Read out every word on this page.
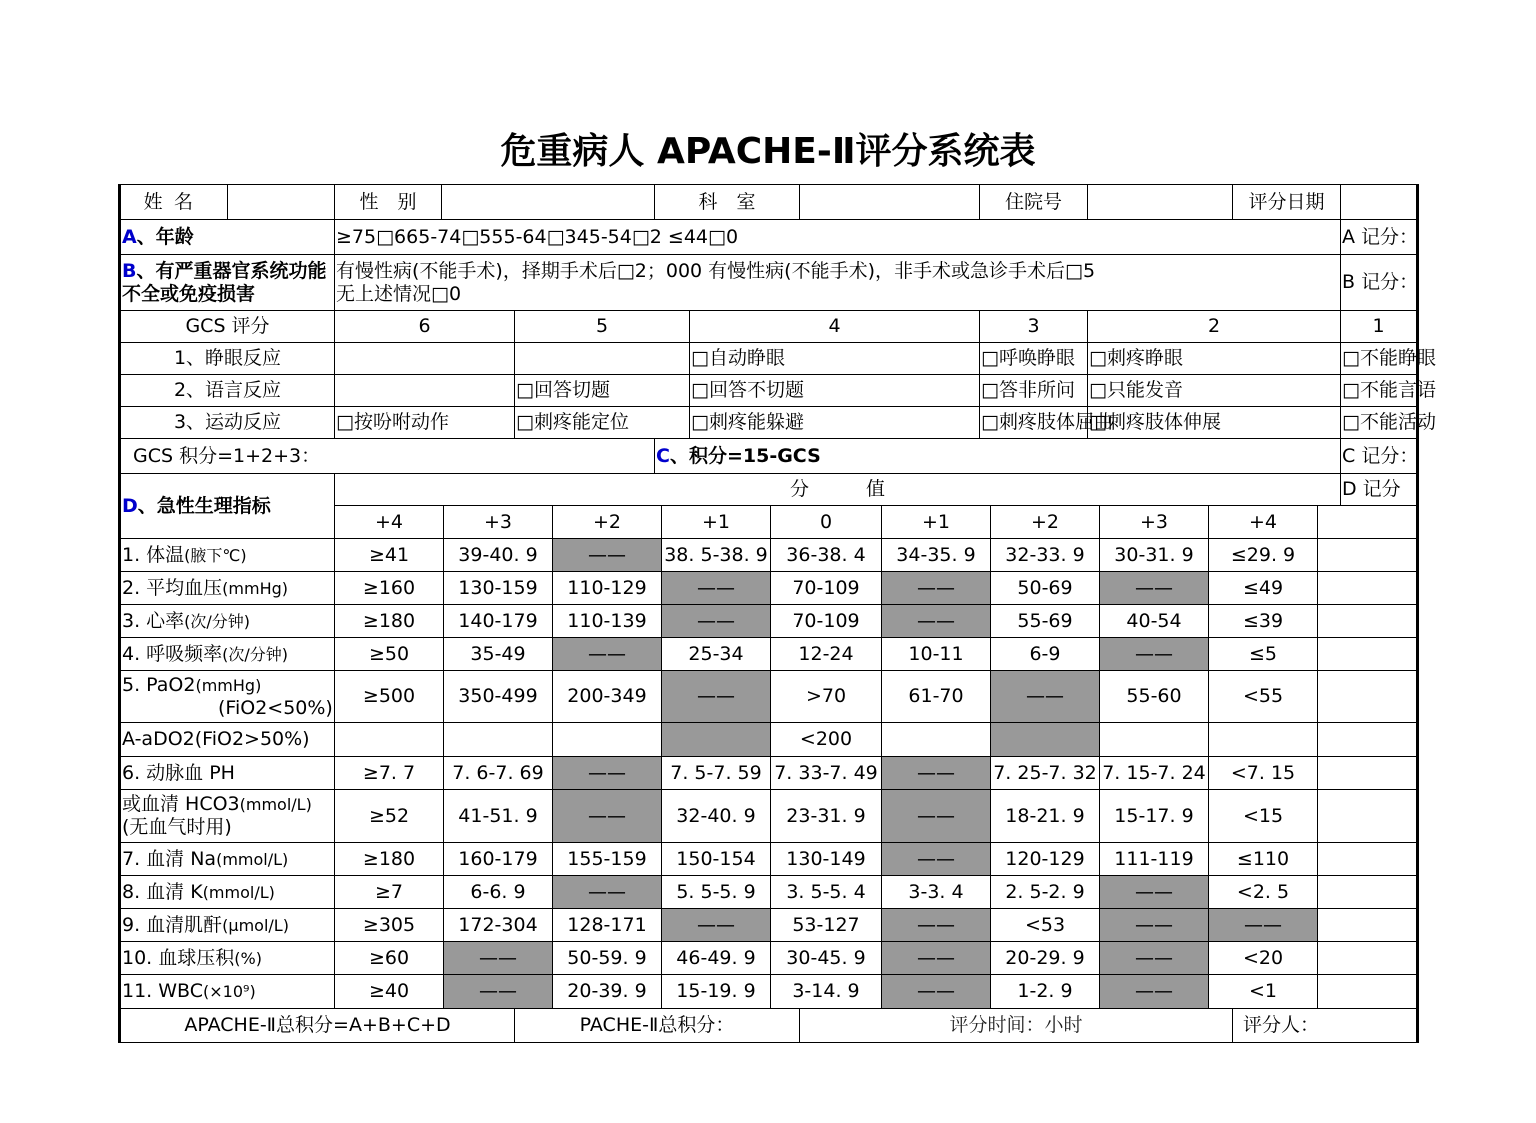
危重病人 APACHE-Ⅱ评分系统表
姓名		性　别		科　室		住院号		评分日期	
A、年龄	≥75□665-74□555-64□345-54□2 ≤44□0	A 记分：
B、有严重器官系统功能不全或免疫损害	有慢性病(不能手术)，择期手术后□2；000 有慢性病(不能手术)，非手术或急诊手术后□5
无上述情况□0	B 记分：
GCS 评分	6	5	4	3	2	1
1、睁眼反应			□自动睁眼	□呼唤睁眼	□刺疼睁眼	□不能睁眼
2、语言反应		□回答切题	□回答不切题	□答非所问	□只能发音	□不能言语
3、运动反应	□按吩咐动作	□刺疼能定位	□刺疼能躲避	□刺疼肢体屈曲	□刺疼肢体伸展	□不能活动
GCS 积分=1+2+3：	C、积分=15-GCS	C 记分：
D、急性生理指标	分　　　值	D 记分

+4	+3	+2	+1	0	+1	+2	+3	+4	

1. 体温(腋下℃)		≥41	39-40. 9	——	38. 5-38. 9	36-38. 4	34-35. 9	32-33. 9	30-31. 9	≤29. 9	

2. 平均血压(mmHg)		≥160	130-159	110-129	——	70-109	——	50-69	——	≤49	

3. 心率(次/分钟)		≥180	140-179	110-139	——	70-109	——	55-69	40-54	≤39	

4. 呼吸频率(次/分钟)		≥50	35-49	——	25-34	12-24	10-11	6-9	——	≤5	

5. PaO2(mmHg)
(FiO2<50%)	
≥500	350-499	200-349	——	>70	61-70	——	55-60	<55	

A-aDO2(FiO2>50%)	
					<200					

6. 动脉血 PH		≥7. 7	7. 6-7. 69	——	7. 5-7. 59	7. 33-7. 49	——	7. 25-7. 32	7. 15-7. 24	<7. 15	

或血清 HCO3(mmol/L)
(无血气时用)	
≥52	41-51. 9	——	32-40. 9	23-31. 9	——	18-21. 9	15-17. 9	<15	

7. 血清 Na(mmol/L)		≥180	160-179	155-159	150-154	130-149	——	120-129	111-119	≤110	

8. 血清 K(mmol/L)		≥7	6-6. 9	——	5. 5-5. 9	3. 5-5. 4	3-3. 4	2. 5-2. 9	——	<2. 5	

9. 血清肌酐(μmol/L)		≥305	172-304	128-171	——	53-127	——	<53	——	——	

10. 血球压积(%)		≥60	——	50-59. 9	46-49. 9	30-45. 9	——	20-29. 9	——	<20	

11. WBC(×10⁹)		≥40	——	20-39. 9	15-19. 9	3-14. 9	——	1-2. 9	——	<1	

APACHE-Ⅱ总积分=A+B+C+D	PACHE-Ⅱ总积分：	评分时间：小时	评分人：
